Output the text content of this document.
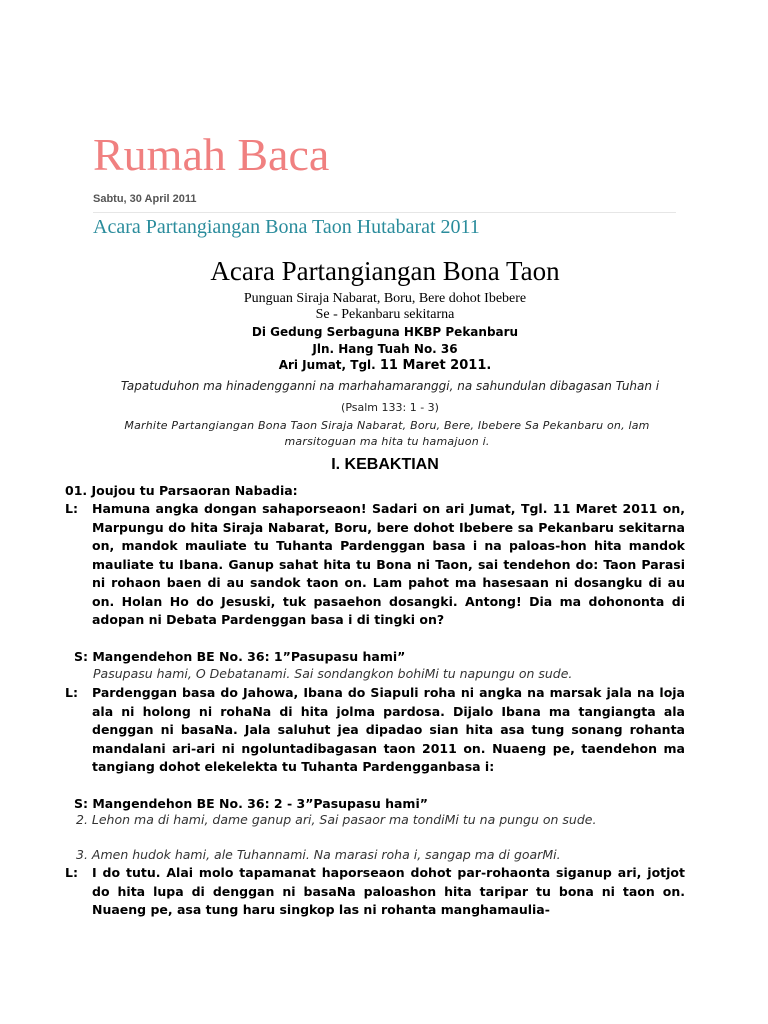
Rumah Baca
Sabtu, 30 April 2011
Acara Partangiangan Bona Taon Hutabarat 2011
Acara Partangiangan Bona Taon
Punguan Siraja Nabarat, Boru, Bere dohot Ibebere
Se - Pekanbaru sekitarna
Di Gedung Serbaguna HKBP Pekanbaru
Jln. Hang Tuah No. 36
Ari Jumat, Tgl. 11 Maret 2011.
Tapatuduhon ma hinadengganni na marhahamaranggi, na sahundulan dibagasan Tuhan i (Psalm 133: 1 - 3)
Marhite Partangiangan Bona Taon Siraja Nabarat, Boru, Bere, Ibebere Sa Pekanbaru on, lam marsitoguan ma hita tu hamajuon i.
I. KEBAKTIAN
01. Joujou tu Parsaoran Nabadia:
L: Hamuna angka dongan sahaporseaon! Sadari on ari Jumat, Tgl. 11 Maret 2011 on, Marpungu do hita Siraja Nabarat, Boru, bere dohot Ibebere sa Pekanbaru sekitarna on, mandok mauliate tu Tuhanta Pardenggan basa i na paloas-hon hita mandok mauliate tu Ibana. Ganup sahat hita tu Bona ni Taon, sai tendehon do: Taon Parasi ni rohaon baen di au sandok taon on. Lam pahot ma hasesaan ni dosangku di au on. Holan Ho do Jesuski, tuk pasaehon dosangki. Antong! Dia ma dohononta di adopan ni Debata Pardenggan basa i di tingki on?
S: Mangendehon BE No. 36: 1”Pasupasu hami”
Pasupasu hami, O Debatanami. Sai sondangkon bohiMi tu napungu on sude.
L: Pardenggan basa do Jahowa, Ibana do Siapuli roha ni angka na marsak jala na loja ala ni holong ni rohaNa di hita jolma pardosa. Dijalo Ibana ma tangiangta ala denggan ni basaNa. Jala saluhut jea dipadao sian hita asa tung sonang rohanta mandalani ari-ari ni ngoluntadibagasan taon 2011 on. Nuaeng pe, taendehon ma tangiang dohot elekelekta tu Tuhanta Pardengganbasa i:
S: Mangendehon BE No. 36: 2 - 3”Pasupasu hami”
2. Lehon ma di hami, dame ganup ari, Sai pasaor ma tondiMi tu na pungu on sude.
3. Amen hudok hami, ale Tuhannami. Na marasi roha i, sangap ma di goarMi.
L: I do tutu. Alai molo tapamanat haporseaon dohot par-rohaonta siganup ari, jotjot do hita lupa di denggan ni basaNa paloashon hita taripar tu bona ni taon on. Nuaeng pe, asa tung haru singkop las ni rohanta manghamaulia-
